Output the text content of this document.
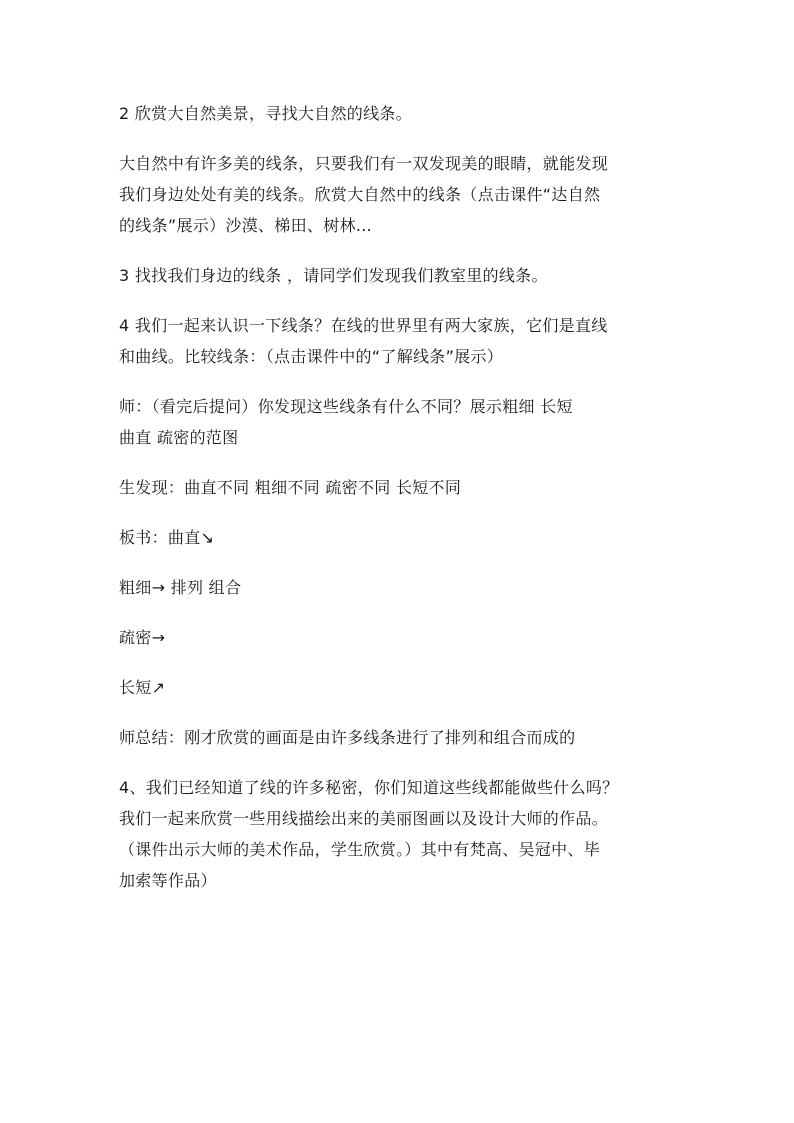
2 欣赏大自然美景，寻找大自然的线条。
大自然中有许多美的线条，只要我们有一双发现美的眼睛，就能发现
我们身边处处有美的线条。欣赏大自然中的线条（点击课件“达自然
的线条”展示）沙漠、梯田、树林…
3 找找我们身边的线条 ，请同学们发现我们教室里的线条。
4 我们一起来认识一下线条？在线的世界里有两大家族，它们是直线
和曲线。比较线条：（点击课件中的“了解线条”展示）
师：（看完后提问）你发现这些线条有什么不同？展示粗细 长短
曲直 疏密的范图
生发现：曲直不同 粗细不同 疏密不同 长短不同
板书：曲直↘
粗细→ 排列 组合
疏密→
长短↗
师总结：刚才欣赏的画面是由许多线条进行了排列和组合而成的
4、我们已经知道了线的许多秘密，你们知道这些线都能做些什么吗？
我们一起来欣赏一些用线描绘出来的美丽图画以及设计大师的作品。
（课件出示大师的美术作品，学生欣赏。）其中有梵高、吴冠中、毕
加索等作品）
